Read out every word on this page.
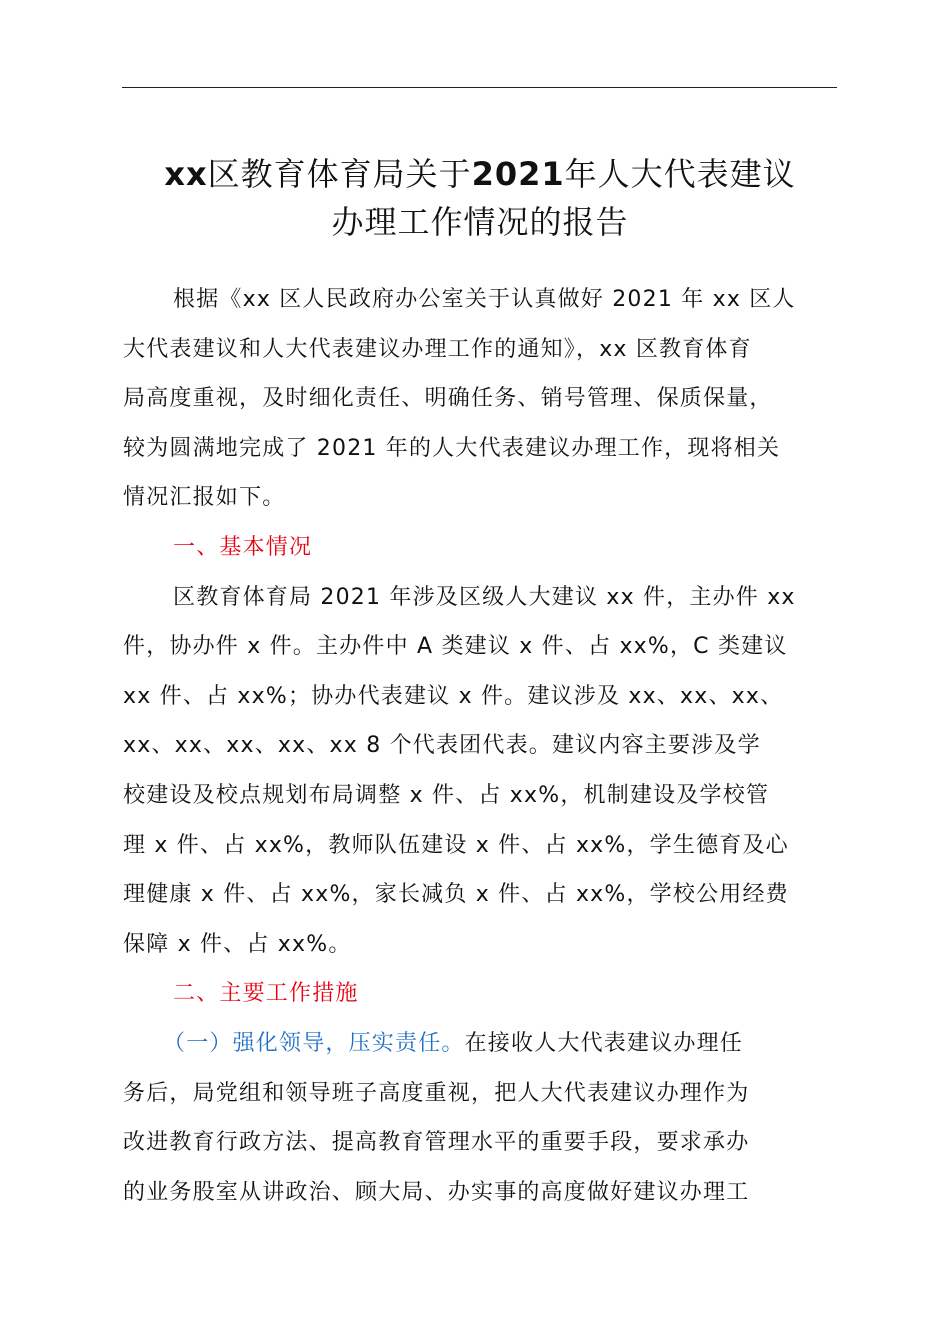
xx区教育体育局关于2021年人大代表建议
办理工作情况的报告
根据《xx 区人民政府办公室关于认真做好 2021 年 xx 区人
大代表建议和人大代表建议办理工作的通知》，xx 区教育体育
局高度重视，及时细化责任、明确任务、销号管理、保质保量，
较为圆满地完成了 2021 年的人大代表建议办理工作，现将相关
情况汇报如下。
一、基本情况
区教育体育局 2021 年涉及区级人大建议 xx 件，主办件 xx
件，协办件 x 件。主办件中 A 类建议 x 件、占 xx%，C 类建议
xx 件、占 xx%；协办代表建议 x 件。建议涉及 xx、xx、xx、
xx、xx、xx、xx、xx 8 个代表团代表。建议内容主要涉及学
校建设及校点规划布局调整 x 件、占 xx%，机制建设及学校管
理 x 件、占 xx%，教师队伍建设 x 件、占 xx%，学生德育及心
理健康 x 件、占 xx%，家长减负 x 件、占 xx%，学校公用经费
保障 x 件、占 xx%。
二、主要工作措施
（一）强化领导，压实责任。在接收人大代表建议办理任
务后，局党组和领导班子高度重视，把人大代表建议办理作为
改进教育行政方法、提高教育管理水平的重要手段，要求承办
的业务股室从讲政治、顾大局、办实事的高度做好建议办理工
